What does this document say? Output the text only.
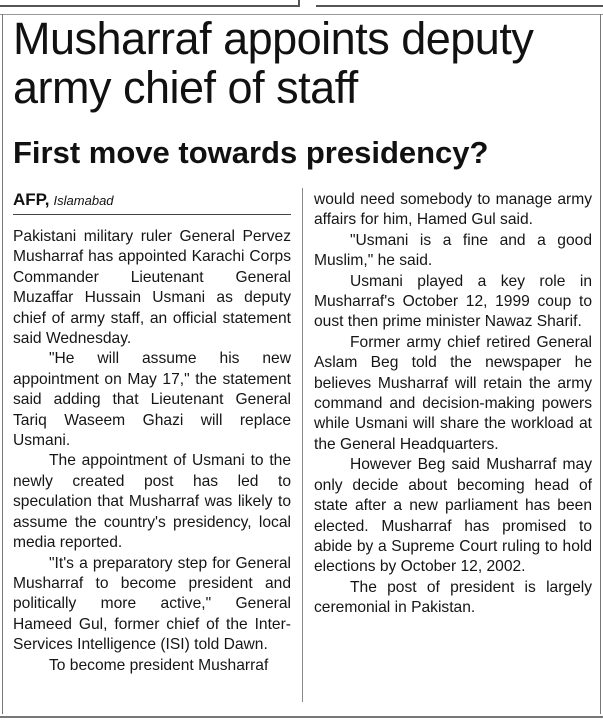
Musharraf appoints deputy army chief of staff
First move towards presidency?
AFP, Islamabad

Pakistani military ruler General Pervez Musharraf has appointed Karachi Corps Commander Lieutenant General Muzaffar Hussain Usmani as deputy chief of army staff, an official statement said Wednesday.

"He will assume his new appointment on May 17," the statement said adding that Lieutenant General Tariq Waseem Ghazi will replace Usmani.

The appointment of Usmani to the newly created post has led to speculation that Musharraf was likely to assume the country's presidency, local media reported.

"It's a preparatory step for General Musharraf to become president and politically more active," General Hameed Gul, former chief of the Inter-Services Intelligence (ISI) told Dawn.

To become president Musharraf

would need somebody to manage army affairs for him, Hamed Gul said.

"Usmani is a fine and a good Muslim," he said.

Usmani played a key role in Musharraf's October 12, 1999 coup to oust then prime minister Nawaz Sharif.

Former army chief retired General Aslam Beg told the newspaper he believes Musharraf will retain the army command and decision-making powers while Usmani will share the workload at the General Headquarters.

However Beg said Musharraf may only decide about becoming head of state after a new parliament has been elected. Musharraf has promised to abide by a Supreme Court ruling to hold elections by October 12, 2002.

The post of president is largely ceremonial in Pakistan.
